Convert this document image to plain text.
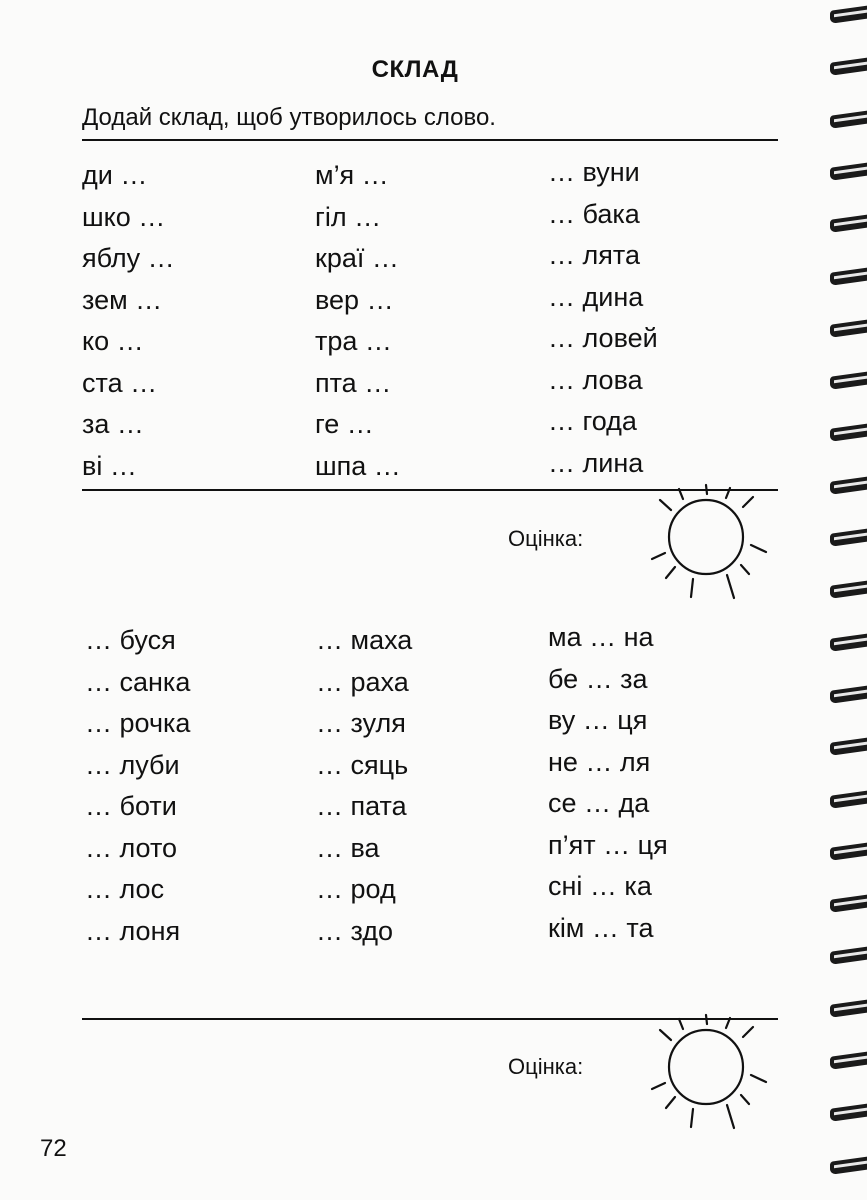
СКЛАД
Додай склад, щоб утворилось слово.
ди …
шко …
яблу …
зем …
ко …
ста …
за …
ві …
м’я …
гіл …
краї …
вер …
тра …
пта …
ге …
шпа …
… вуни
… бака
… лята
… дина
… ловей
… лова
… года
… лина
Оцінка:
… буся
… санка
… рочка
… луби
… боти
… лото
… лос
… лоня
… маха
… раха
… зуля
… сяць
… пата
… ва
… род
… здо
ма … на
бе … за
ву … ця
не … ля
се … да
п’ят … ця
сні … ка
кім … та
Оцінка:
72
